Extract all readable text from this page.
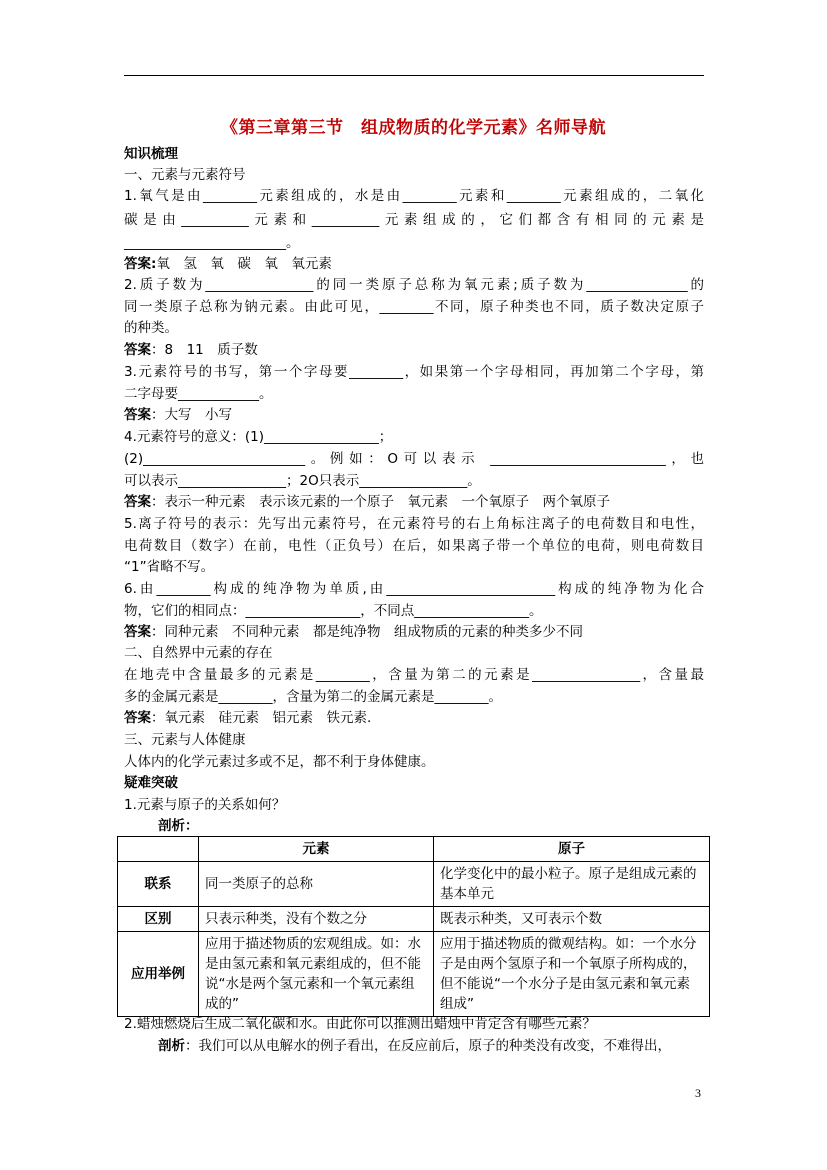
《第三章第三节　组成物质的化学元素》名师导航
知识梳理
一、元素与元素符号
1.氧气是由________元素组成的，水是由________元素和________元素组成的，二氧化
碳是由__________元素和__________元素组成的，它们都含有相同的元素是
________________________。
答案:氧　氢　氧　碳　氧　氧元素
2.质子数为________________的同一类原子总称为氧元素;质子数为_______________的
同一类原子总称为钠元素。由此可见，________不同，原子种类也不同，质子数决定原子
的种类。
答案：8　11　质子数
3.元素符号的书写，第一个字母要________，如果第一个字母相同，再加第二个字母，第
二字母要____________。
答案：大写　小写
4.元素符号的意义：(1)_________________；
(2)________________________。例如：O可以表示 __________________________，也
可以表示________________；2O只表示________________。
答案：表示一种元素　表示该元素的一个原子　氧元素　一个氧原子　两个氧原子
5.离子符号的表示：先写出元素符号，在元素符号的右上角标注离子的电荷数目和电性，
电荷数目（数字）在前，电性（正负号）在后，如果离子带一个单位的电荷，则电荷数目
“1”省略不写。
6.由________构成的纯净物为单质,由_________________________构成的纯净物为化合
物，它们的相同点：_________________，不同点_________________。
答案：同种元素　不同种元素　都是纯净物　组成物质的元素的种类多少不同
二、自然界中元素的存在
在地壳中含量最多的元素是________，含量为第二的元素是________________，含量最
多的金属元素是________，含量为第二的金属元素是________。
答案：氧元素　硅元素　铝元素　铁元素.
三、元素与人体健康
人体内的化学元素过多或不足，都不利于身体健康。
疑难突破
1.元素与原子的关系如何？
剖析：
	元素	原子
联系	同一类原子的总称	化学变化中的最小粒子。原子是组成元素的基本单元
区别	只表示种类，没有个数之分	既表示种类，又可表示个数
应用举例	应用于描述物质的宏观组成。如：水是由氢元素和氧元素组成的，但不能说“水是两个氢元素和一个氧元素组成的”	应用于描述物质的微观结构。如：一个水分子是由两个氢原子和一个氧原子所构成的，但不能说“一个水分子是由氢元素和氧元素组成”
2.蜡烛燃烧后生成二氧化碳和水。由此你可以推测出蜡烛中肯定含有哪些元素？
剖析：我们可以从电解水的例子看出，在反应前后，原子的种类没有改变，不难得出，
3
